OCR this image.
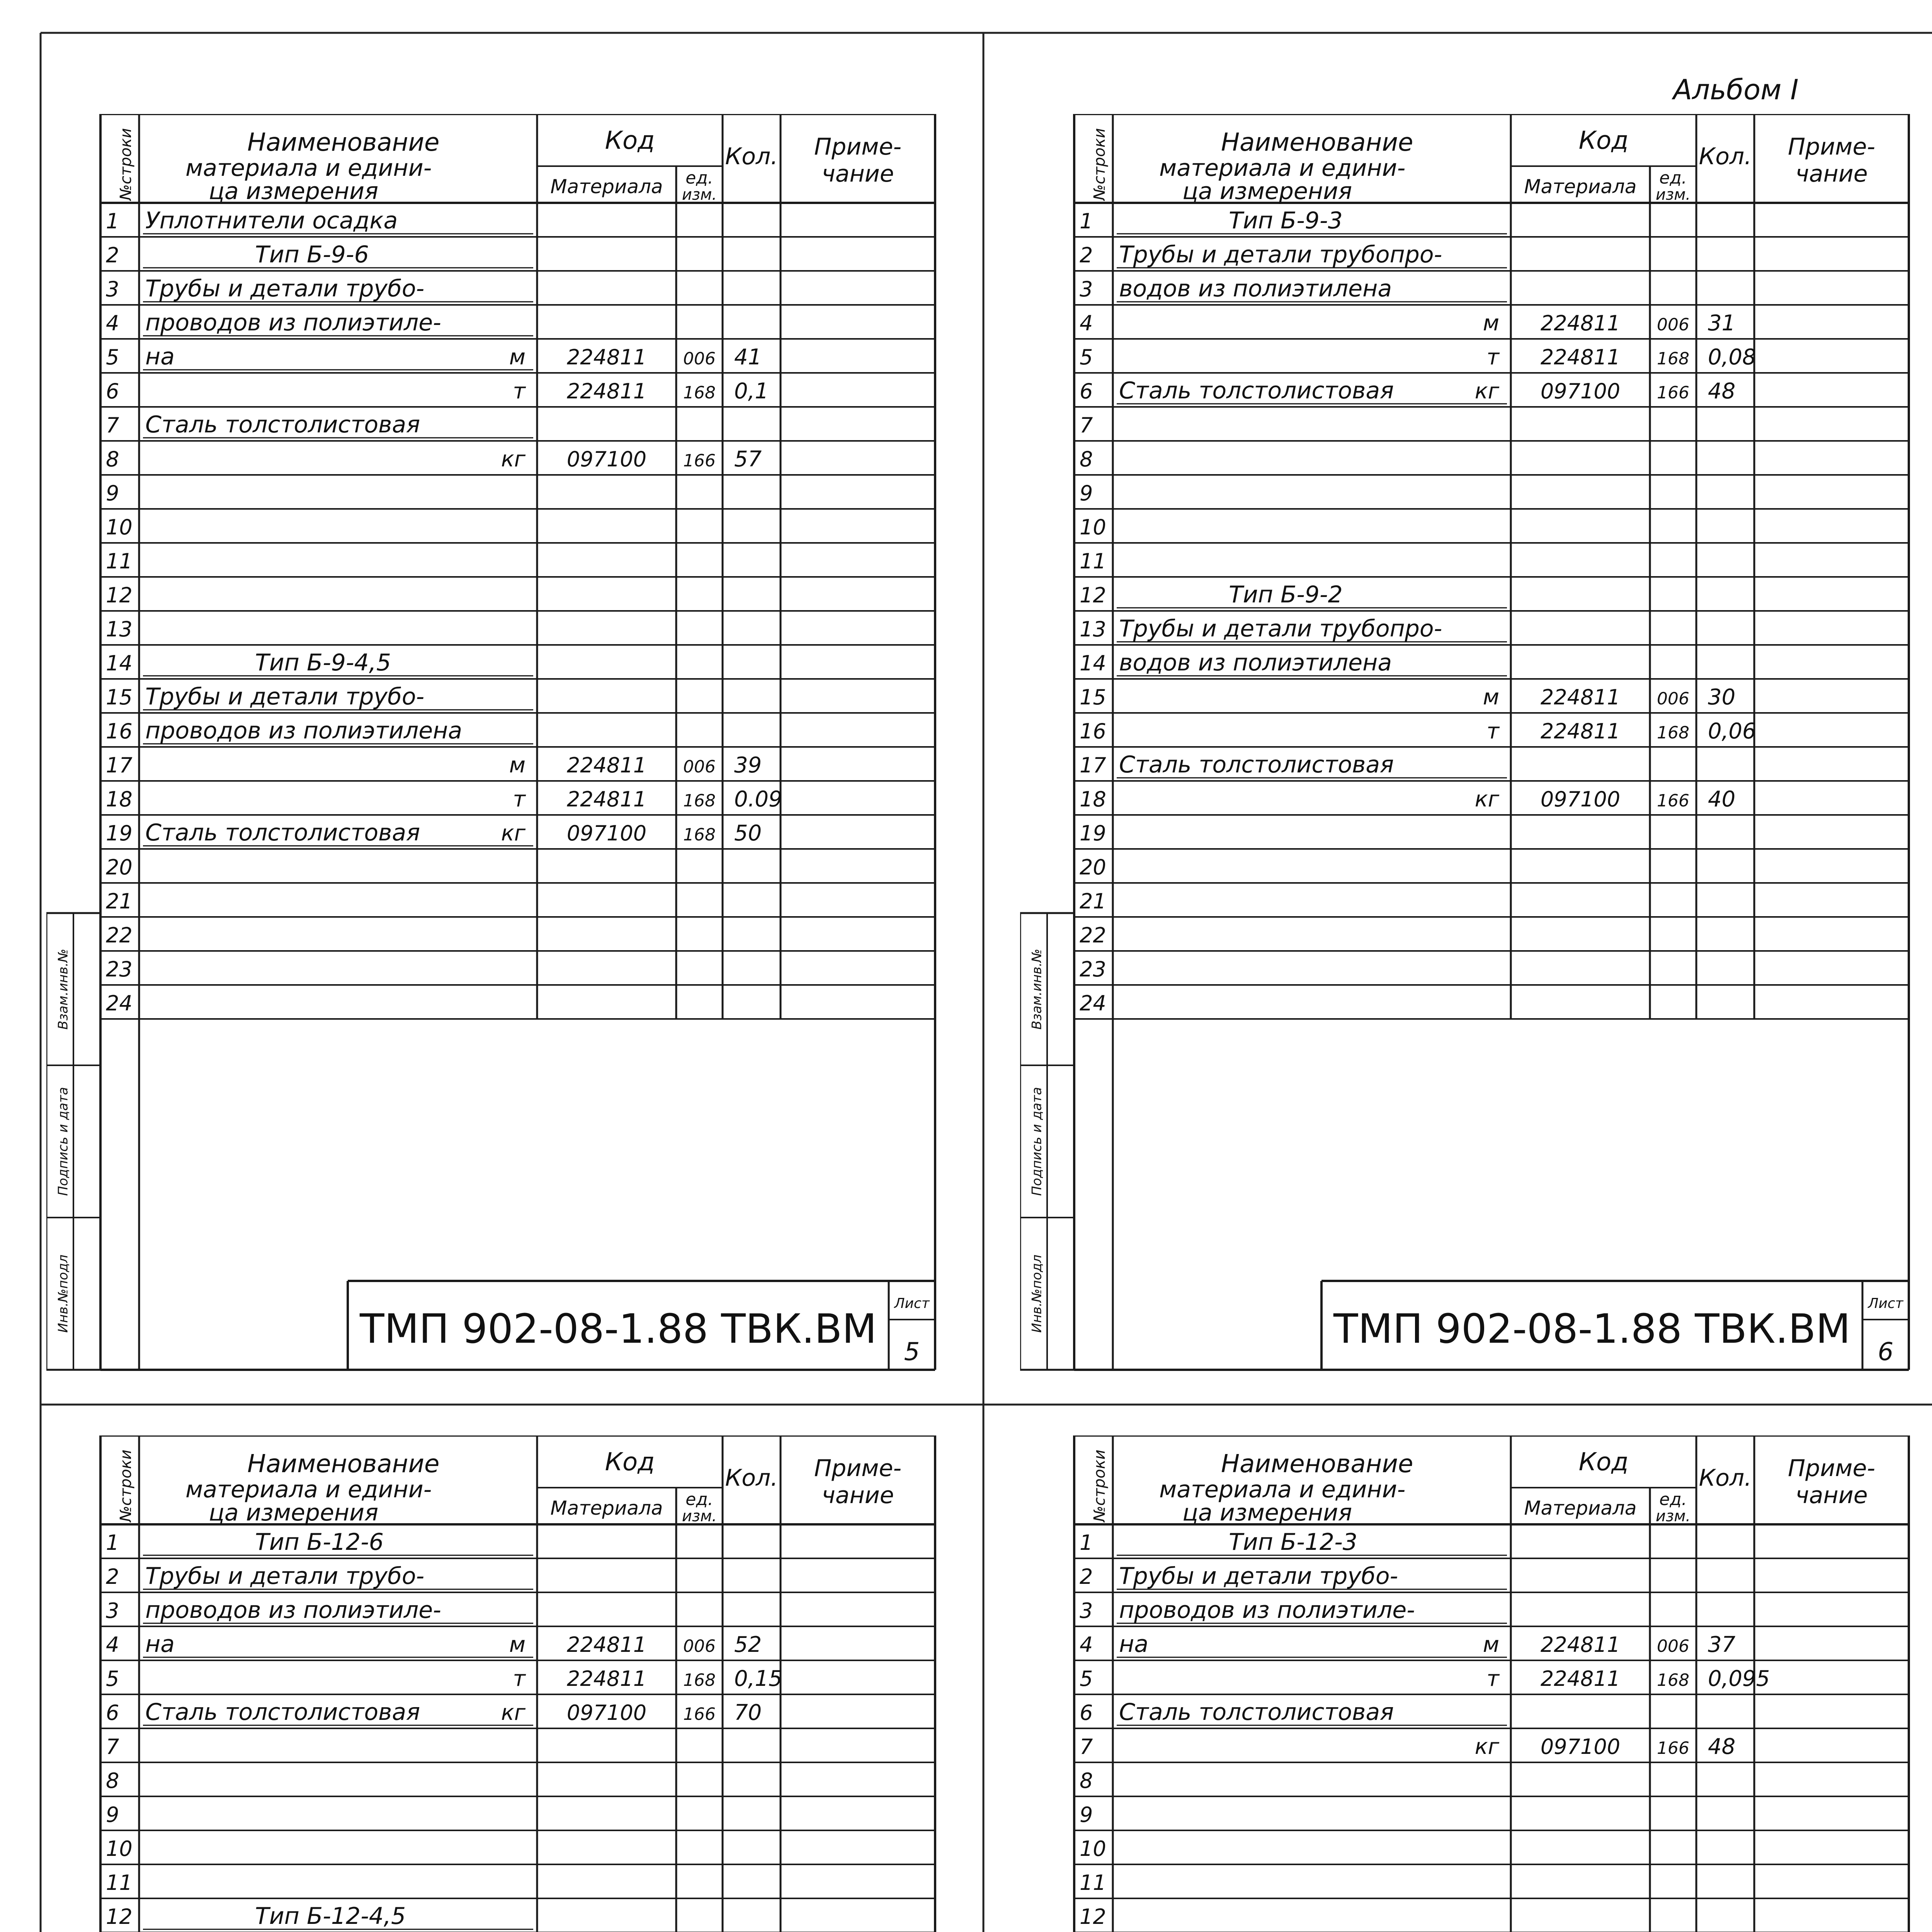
Наименование
материала и едини-
ца измерения
Код
Материала ед.
изм.
Кол. Приме-
чание
№строки
1 Уплотнители осадка
2	Тип Б-9-6
3 Трубы и детали трубо-
4 проводов из полиэтиле-
5 на	м 224811 006 41
6	т 224811 168 0,1
7 Сталь толстолистовая
8	кг 097100 166 57
9
10
11
12
13
14	Тип Б-9-4,5
15 Трубы и детали трубо-
16 проводов из полиэтилена
17	м 224811 006 39
18	т 224811 168 0.09
19 Сталь толстолистовая	кг 097100 168 50
20
21
22
23
24
Инв.№подл
Подпись и дата
Взам.инв.№
ТМП 902-08-1.88 ТВК.ВМ
Лист
5
Наименование
материала и едини-
ца измерения
Код
Материала ед.
изм.
Кол. Приме-
чание
№строки
1	Тип Б-9-3
2 Трубы и детали трубопро-
3 водов из полиэтилена
4	м 224811 006 31
5	т 224811 168 0,08
6 Сталь толстолистовая	кг 097100 166 48
7
8
9
10
11
12	Тип Б-9-2
13 Трубы и детали трубопро-
14 водов из полиэтилена
15	м 224811 006 30
16	т 224811 168 0,06
17 Сталь толстолистовая
18	кг 097100 166 40
19
20
21
22
23
24
Инв.№подл
Подпись и дата
Взам.инв.№
ТМП 902-08-1.88 ТВК.ВМ
Лист
6
Наименование
материала и едини-
ца измерения
Код
Материала ед.
изм.
Кол. Приме-
чание
№строки
1	Тип Б-12-6
2 Трубы и детали трубо-
3 проводов из полиэтиле-
4 на	м 224811 006 52
5	т 224811 168 0,15
6 Сталь толстолистовая	кг 097100 166 70
7
8
9
10
11
12	Тип Б-12-4,5
Наименование
материала и едини-
ца измерения
Код
Материала ед.
изм.
Кол. Приме-
чание
№строки
1	Тип Б-12-3
2 Трубы и детали трубо-
3 проводов из полиэтиле-
4 на	м 224811 006 37
5	т 224811 168 0,095
6 Сталь толстолистовая
7	кг 097100 166 48
8
9
10
11
12
Альбом I
